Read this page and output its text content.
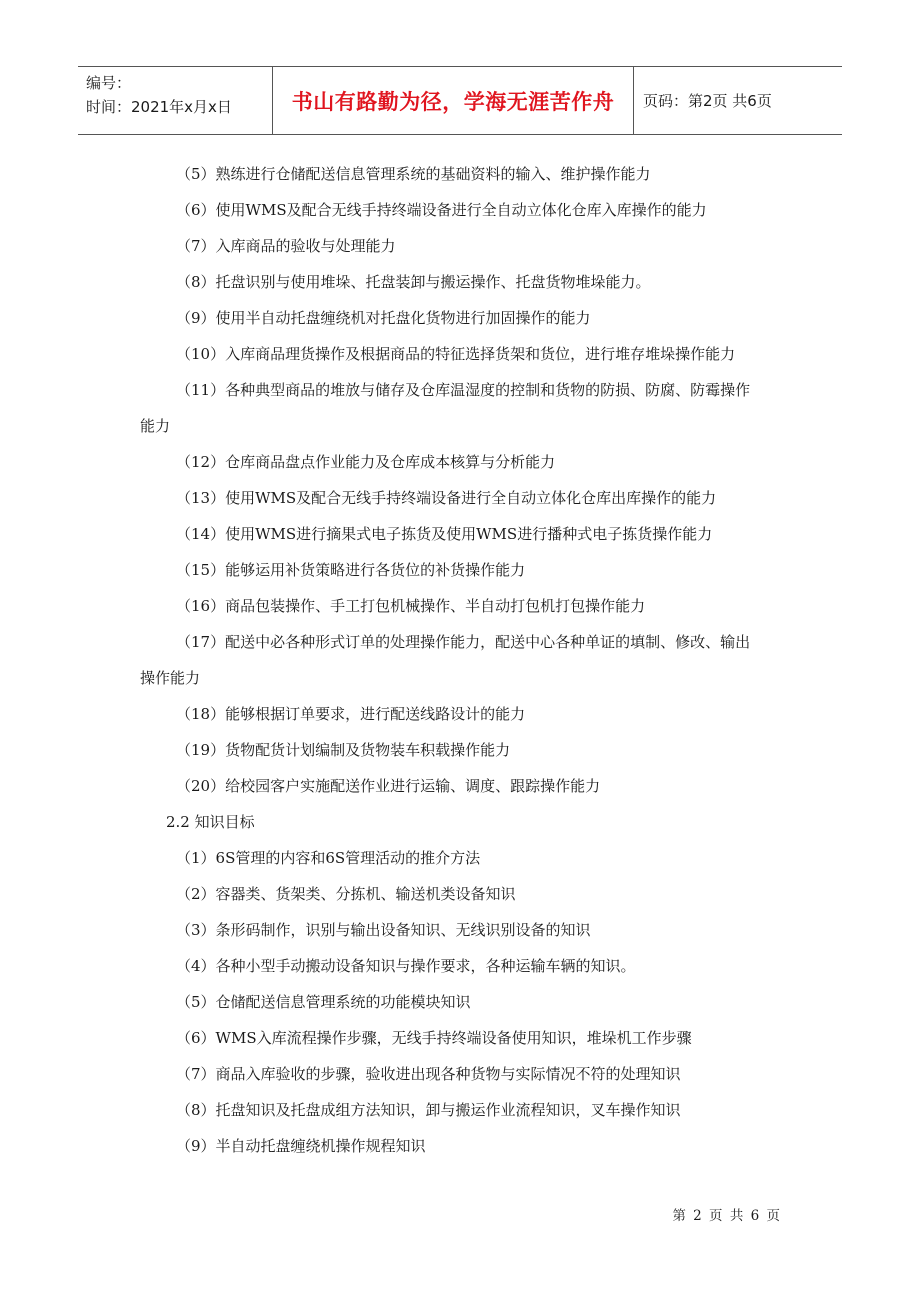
编号：
时间：2021年x月x日	书山有路勤为径，学海无涯苦作舟 页码：第2页 共6页

（5）熟练进行仓储配送信息管理系统的基础资料的输入、维护操作能力

（6）使用WMS及配合无线手持终端设备进行全自动立体化仓库入库操作的能力

（7）入库商品的验收与处理能力

（8）托盘识别与使用堆垛、托盘装卸与搬运操作、托盘货物堆垛能力。

（9）使用半自动托盘缠绕机对托盘化货物进行加固操作的能力

（10）入库商品理货操作及根据商品的特征选择货架和货位，进行堆存堆垛操作能力

（11）各种典型商品的堆放与储存及仓库温湿度的控制和货物的防损、防腐、防霉操作

能力

（12）仓库商品盘点作业能力及仓库成本核算与分析能力

（13）使用WMS及配合无线手持终端设备进行全自动立体化仓库出库操作的能力

（14）使用WMS进行摘果式电子拣货及使用WMS进行播种式电子拣货操作能力

（15）能够运用补货策略进行各货位的补货操作能力

（16）商品包装操作、手工打包机械操作、半自动打包机打包操作能力

（17）配送中必各种形式订单的处理操作能力，配送中心各种单证的填制、修改、输出

操作能力

（18）能够根据订单要求，进行配送线路设计的能力

（19）货物配货计划编制及货物装车积载操作能力

（20）给校园客户实施配送作业进行运输、调度、跟踪操作能力

2.2 知识目标

（1）6S管理的内容和6S管理活动的推介方法

（2）容器类、货架类、分拣机、输送机类设备知识

（3）条形码制作，识别与输出设备知识、无线识别设备的知识

（4）各种小型手动搬动设备知识与操作要求，各种运输车辆的知识。

（5）仓储配送信息管理系统的功能模块知识

（6）WMS入库流程操作步骤，无线手持终端设备使用知识，堆垛机工作步骤

（7）商品入库验收的步骤，验收进出现各种货物与实际情况不符的处理知识

（8）托盘知识及托盘成组方法知识，卸与搬运作业流程知识，叉车操作知识

（9）半自动托盘缠绕机操作规程知识

第 2 页 共 6 页
